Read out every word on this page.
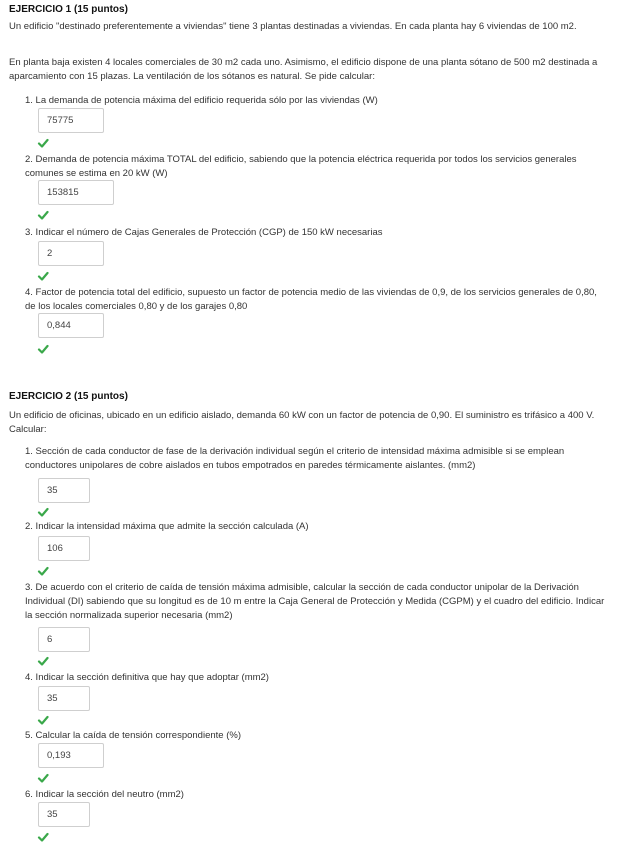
EJERCICIO 1 (15 puntos)
Un edificio "destinado preferentemente a viviendas" tiene 3 plantas destinadas a viviendas. En cada planta hay 6 viviendas de 100 m2.
En planta baja existen 4 locales comerciales de 30 m2 cada uno. Asimismo, el edificio dispone de una planta sótano de 500 m2 destinada a aparcamiento con 15 plazas. La ventilación de los sótanos es natural. Se pide calcular:
1. La demanda de potencia máxima del edificio requerida sólo por las viviendas (W)
75775
2. Demanda de potencia máxima TOTAL del edificio, sabiendo que la potencia eléctrica requerida por todos los servicios generales comunes se estima en 20 kW (W)
153815
3. Indicar el número de Cajas Generales de Protección (CGP) de 150 kW necesarias
2
4. Factor de potencia total del edificio, supuesto un factor de potencia medio de las viviendas de 0,9, de los servicios generales de 0,80, de los locales comerciales 0,80 y de los garajes 0,80
0,844
EJERCICIO 2 (15 puntos)
Un edificio de oficinas, ubicado en un edificio aislado, demanda 60 kW con un factor de potencia de 0,90. El suministro es trifásico a 400 V. Calcular:
1. Sección de cada conductor de fase de la derivación individual según el criterio de intensidad máxima admisible si se emplean conductores unipolares de cobre aislados en tubos empotrados en paredes térmicamente aislantes. (mm2)
35
2. Indicar la intensidad máxima que admite la sección calculada (A)
106
3. De acuerdo con el criterio de caída de tensión máxima admisible, calcular la sección de cada conductor unipolar de la Derivación Individual (DI) sabiendo que su longitud es de 10 m entre la Caja General de Protección y Medida (CGPM) y el cuadro del edificio. Indicar la sección normalizada superior necesaria (mm2)
6
4. Indicar la sección definitiva que hay que adoptar (mm2)
35
5. Calcular la caída de tensión correspondiente (%)
0,193
6. Indicar la sección del neutro (mm2)
35
